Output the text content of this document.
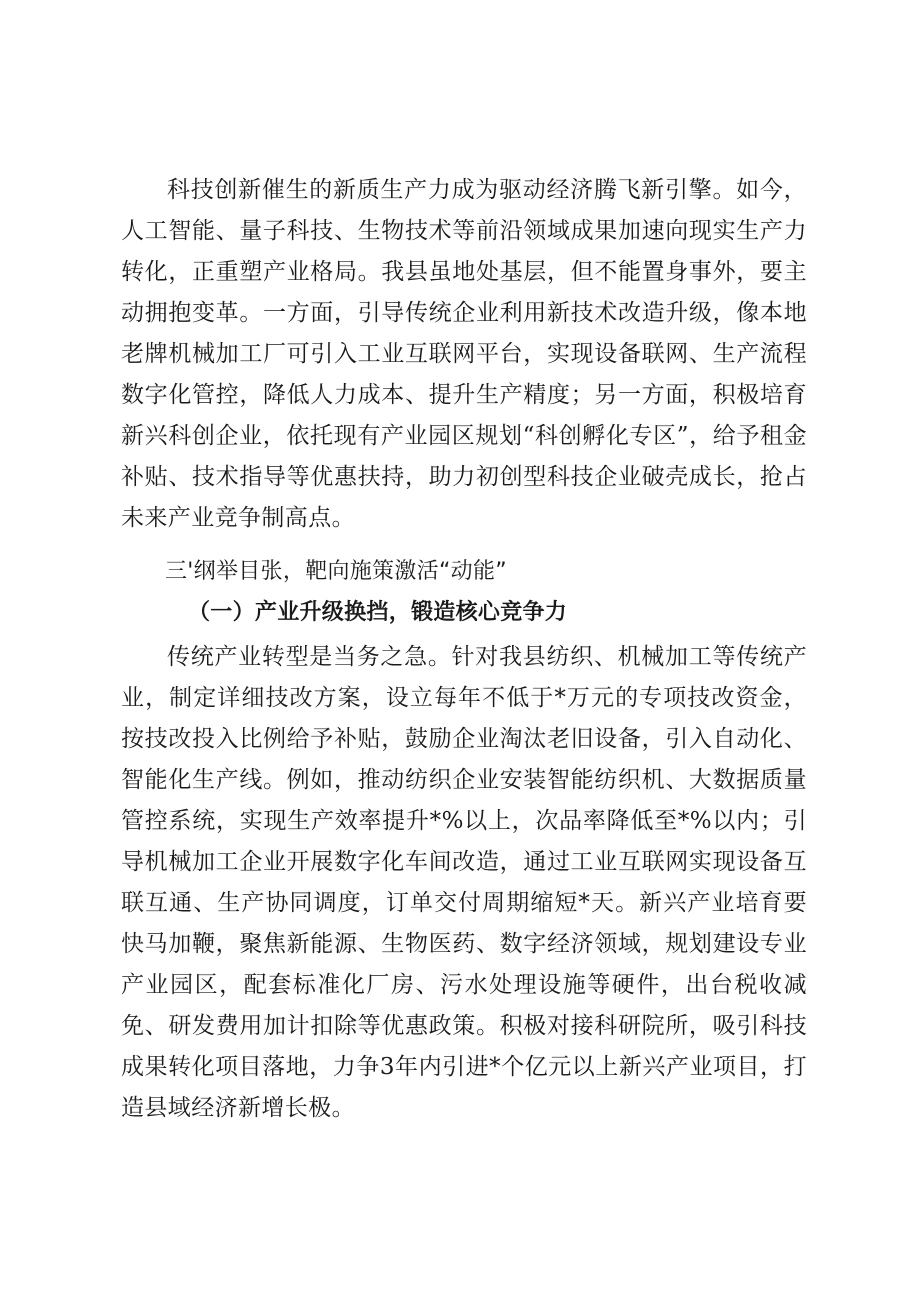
科技创新催生的新质生产力成为驱动经济腾飞新引擎。如今，人工智能、量子科技、生物技术等前沿领域成果加速向现实生产力转化，正重塑产业格局。我县虽地处基层，但不能置身事外，要主动拥抱变革。一方面，引导传统企业利用新技术改造升级，像本地老牌机械加工厂可引入工业互联网平台，实现设备联网、生产流程数字化管控，降低人力成本、提升生产精度；另一方面，积极培育新兴科创企业，依托现有产业园区规划“科创孵化专区”，给予租金补贴、技术指导等优惠扶持，助力初创型科技企业破壳成长，抢占未来产业竞争制高点。

三'纲举目张，靶向施策激活“动能”

（一）产业升级换挡，锻造核心竞争力

传统产业转型是当务之急。针对我县纺织、机械加工等传统产业，制定详细技改方案，设立每年不低于*万元的专项技改资金，按技改投入比例给予补贴，鼓励企业淘汰老旧设备，引入自动化、智能化生产线。例如，推动纺织企业安装智能纺织机、大数据质量管控系统，实现生产效率提升*%以上，次品率降低至*%以内；引导机械加工企业开展数字化车间改造，通过工业互联网实现设备互联互通、生产协同调度，订单交付周期缩短*天。新兴产业培育要快马加鞭，聚焦新能源、生物医药、数字经济领域，规划建设专业产业园区，配套标准化厂房、污水处理设施等硬件，出台税收减免、研发费用加计扣除等优惠政策。积极对接科研院所，吸引科技成果转化项目落地，力争3年内引进*个亿元以上新兴产业项目，打造县域经济新增长极。
